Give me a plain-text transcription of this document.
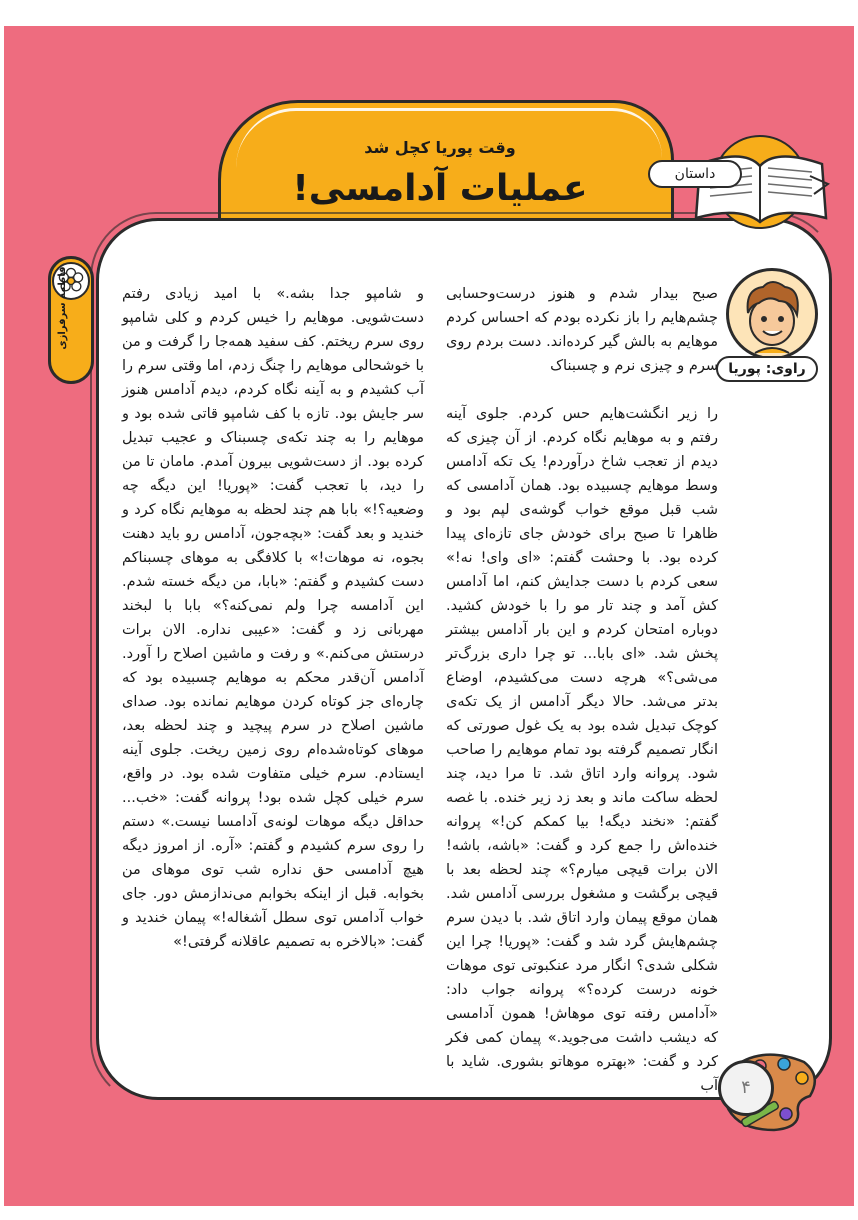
وقت پوریا کچل شد
عملیات آدامسی!	داستان
فاطمه سرفرازی
راوی: پوریا

صبح بیدار شدم و هنوز درست‌وحسابی چشم‌هایم را باز نکرده بودم که احساس کردم موهایم به بالش گیر کرده‌اند. دست بردم روی سرم و چیزی نرم و چسبناک

را زیر انگشت‌هایم حس کردم. جلوی آینه رفتم و به موهایم نگاه کردم. از آن چیزی که دیدم از تعجب شاخ درآوردم! یک تکه آدامس وسط موهایم چسبیده بود. همان آدامسی که شب قبل موقع خواب گوشه‌ی لپم بود و ظاهرا تا صبح برای خودش جای تازه‌ای پیدا کرده بود. با وحشت گفتم: «ای وای! نه!» سعی کردم با دست جدایش کنم، اما آدامس کش آمد و چند تار مو را با خودش کشید. دوباره امتحان کردم و این بار آدامس بیشتر پخش شد. «ای بابا... تو چرا داری بزرگ‌تر می‌شی؟» هرچه دست می‌کشیدم، اوضاع بدتر می‌شد. حالا دیگر آدامس از یک تکه‌ی کوچک تبدیل شده بود به یک غول صورتی که انگار تصمیم گرفته بود تمام موهایم را صاحب شود. پروانه وارد اتاق شد. تا مرا دید، چند لحظه ساکت ماند و بعد زد زیر خنده. با غصه گفتم: «نخند دیگه! بیا کمکم کن!» پروانه خنده‌اش را جمع کرد و گفت: «باشه، باشه! الان برات قیچی میارم؟» چند لحظه بعد با قیچی برگشت و مشغول بررسی آدامس شد. همان موقع پیمان وارد اتاق شد. با دیدن سرم چشم‌هایش گرد شد و گفت: «پوریا! چرا این شکلی شدی؟ انگار مرد عنکبوتی توی موهات خونه درست کرده؟» پروانه جواب داد: «آدامس رفته توی موهاش! همون آدامسی که دیشب داشت می‌جوید.» پیمان کمی فکر کرد و گفت: «بهتره موهاتو بشوری. شاید با آب

و شامپو جدا بشه.» با امید زیادی رفتم دست‌شویی. موهایم را خیس کردم و کلی شامپو روی سرم ریختم. کف سفید همه‌جا را گرفت و من با خوشحالی موهایم را چنگ زدم، اما وقتی سرم را آب کشیدم و به آینه نگاه کردم، دیدم آدامس هنوز سر جایش بود. تازه با کف شامپو قاتی شده بود و موهایم را به چند تکه‌ی چسبناک و عجیب تبدیل کرده بود. از دست‌شویی بیرون آمدم. مامان تا من را دید، با تعجب گفت: «پوریا! این دیگه چه وضعیه؟!» بابا هم چند لحظه به موهایم نگاه کرد و خندید و بعد گفت: «بچه‌جون، آدامس رو باید دهنت بجوه، نه موهات!» با کلافگی به موهای چسبناکم دست کشیدم و گفتم: «بابا، من دیگه خسته شدم. این آدامسه چرا ولم نمی‌کنه؟» بابا با لبخند مهربانی زد و گفت: «عیبی نداره. الان برات درستش می‌کنم.» و رفت و ماشین اصلاح را آورد. آدامس آن‌قدر محکم به موهایم چسبیده بود که چاره‌ای جز کوتاه کردن موهایم نمانده بود. صدای ماشین اصلاح در سرم پیچید و چند لحظه بعد، موهای کوتاه‌شده‌ام روی زمین ریخت. جلوی آینه ایستادم. سرم خیلی متفاوت شده بود. در واقع، سرم خیلی کچل شده بود! پروانه گفت: «خب... حداقل دیگه موهات لونه‌ی آدامسا نیست.» دستم را روی سرم کشیدم و گفتم: «آره. از امروز دیگه هیچ آدامسی حق نداره شب توی موهای من بخوابه. قبل از اینکه بخوابم می‌ندازمش دور. جای خواب آدامس توی سطل آشغاله!» پیمان خندید و گفت: «بالاخره به تصمیم عاقلانه گرفتی!»

۴
